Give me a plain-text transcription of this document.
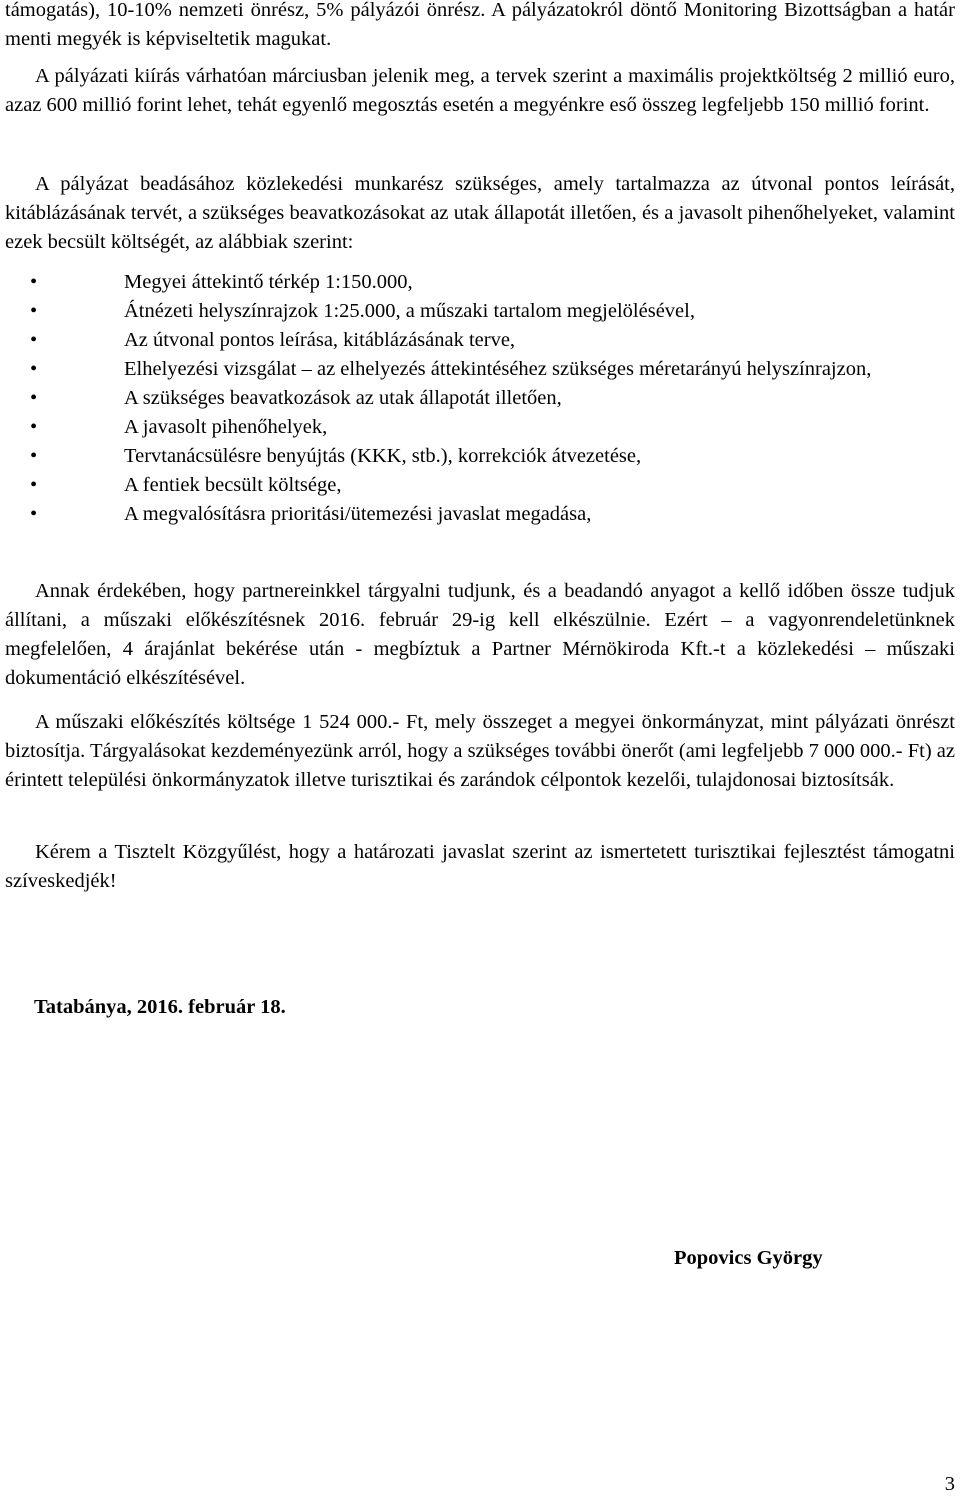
támogatás), 10-10% nemzeti önrész, 5% pályázói önrész. A pályázatokról döntő Monitoring Bizottságban a határ menti megyék is képviseltetik magukat.

A pályázati kiírás várhatóan márciusban jelenik meg, a tervek szerint a maximális projektköltség 2 millió euro, azaz 600 millió forint lehet, tehát egyenlő megosztás esetén a megyénkre eső összeg legfeljebb 150 millió forint.

A pályázat beadásához közlekedési munkarész szükséges, amely tartalmazza az útvonal pontos leírását, kitáblázásának tervét, a szükséges beavatkozásokat az utak állapotát illetően, és a javasolt pihenőhelyeket, valamint ezek becsült költségét, az alábbiak szerint:

•	Megyei áttekintő térkép 1:150.000,
•	Átnézeti helyszínrajzok 1:25.000, a műszaki tartalom megjelölésével,
•	Az útvonal pontos leírása, kitáblázásának terve,
•	Elhelyezési vizsgálat – az elhelyezés áttekintéséhez szükséges méretarányú helyszínrajzon,
•	A szükséges beavatkozások az utak állapotát illetően,
•	A javasolt pihenőhelyek,
•	Tervtanácsülésre benyújtás (KKK, stb.), korrekciók átvezetése,
•	A fentiek becsült költsége,
•	A megvalósításra prioritási/ütemezési javaslat megadása,

Annak érdekében, hogy partnereinkkel tárgyalni tudjunk, és a beadandó anyagot a kellő időben össze tudjuk állítani, a műszaki előkészítésnek 2016. február 29-ig kell elkészülnie. Ezért – a vagyonrendeletünknek megfelelően, 4 árajánlat bekérése után - megbíztuk a Partner Mérnökiroda Kft.-t a közlekedési – műszaki dokumentáció elkészítésével.

A műszaki előkészítés költsége 1 524 000.- Ft, mely összeget a megyei önkormányzat, mint pályázati önrészt biztosítja. Tárgyalásokat kezdeményezünk arról, hogy a szükséges további önerőt (ami legfeljebb 7 000 000.- Ft) az érintett települési önkormányzatok illetve turisztikai és zarándok célpontok kezelői, tulajdonosai biztosítsák.

Kérem a Tisztelt Közgyűlést, hogy a határozati javaslat szerint az ismertetett turisztikai fejlesztést támogatni szíveskedjék!

Tatabánya, 2016. február 18.

Popovics György

3
